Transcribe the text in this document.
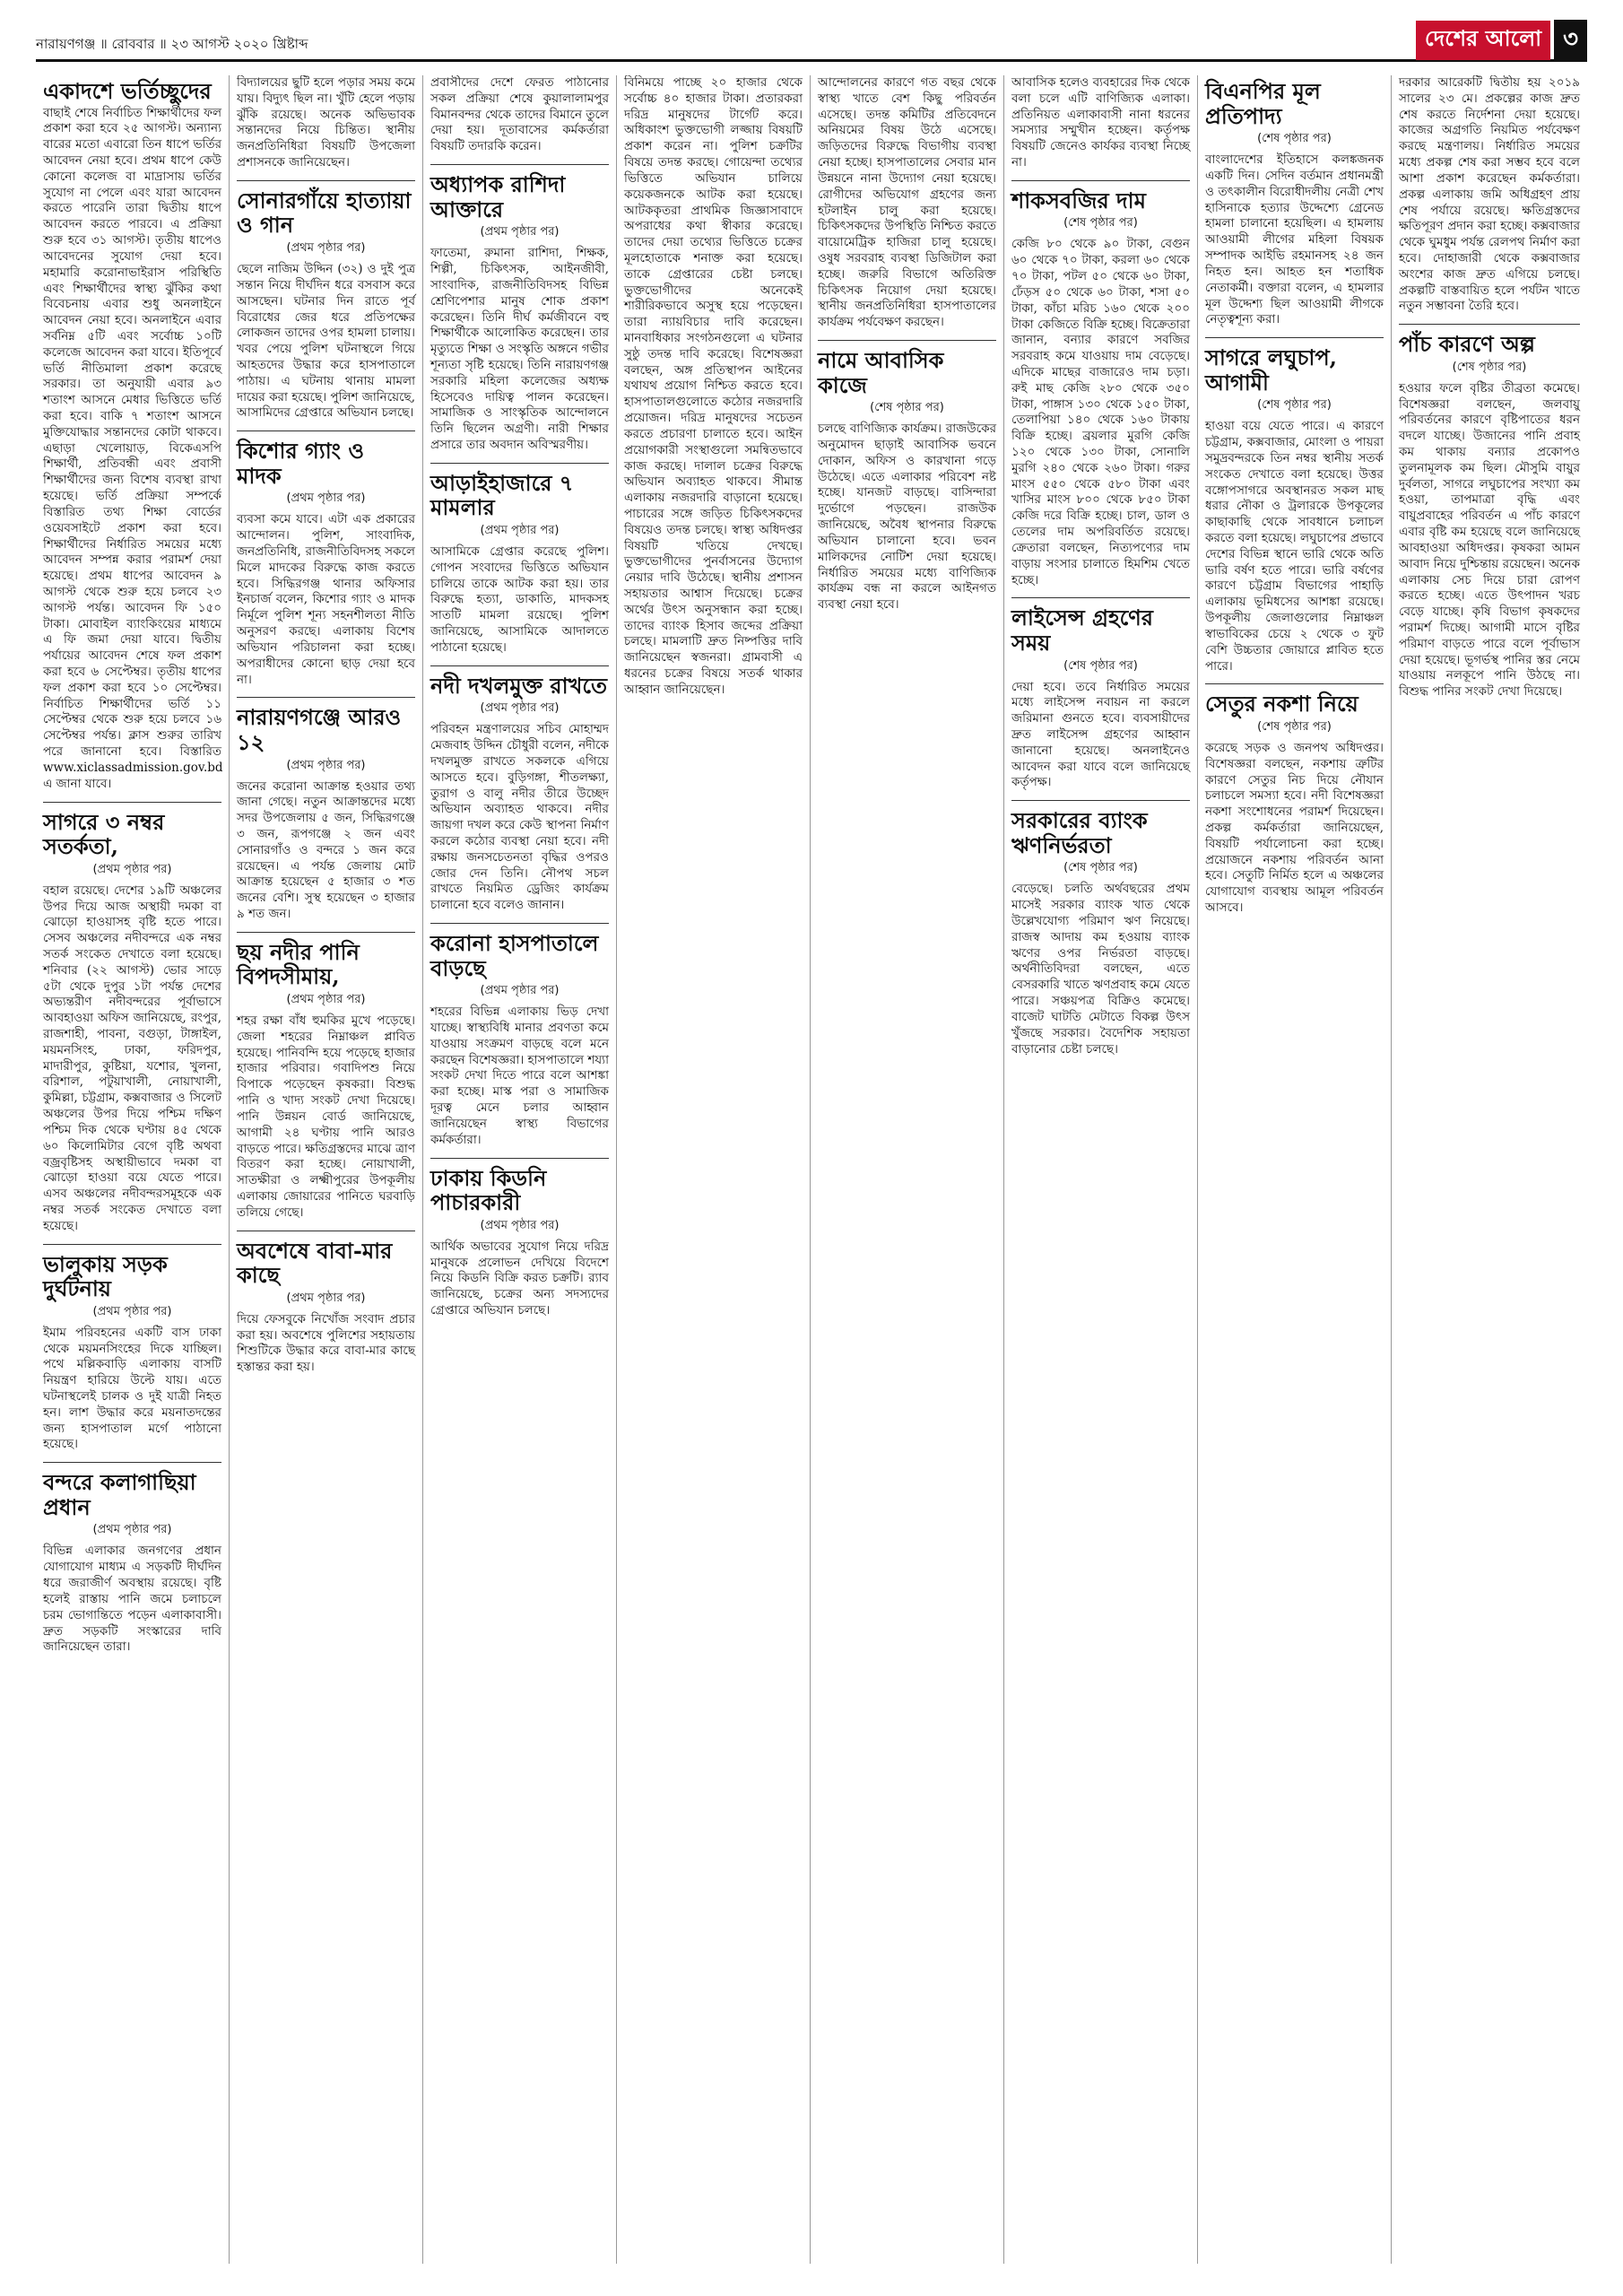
নারায়ণগঞ্জ ॥ রোববার ॥ ২৩ আগস্ট ২০২০ খ্রিষ্টাব্দ	দেশের আলো ৩
একাদশে ভর্তিচ্ছুদের

বাছাই শেষে নির্বাচিত শিক্ষার্থীদের ফল প্রকাশ করা হবে ২৫ আগস্ট। অন্যান্য বারের মতো এবারো তিন ধাপে ভর্তির আবেদন নেয়া হবে। প্রথম ধাপে কেউ কোনো কলেজ বা মাদ্রাসায় ভর্তির সুযোগ না পেলে এবং যারা আবেদন করতে পারেনি তারা দ্বিতীয় ধাপে আবেদন করতে পারবে। এ প্রক্রিয়া শুরু হবে ৩১ আগস্ট। তৃতীয় ধাপেও আবেদনের সুযোগ দেয়া হবে। মহামারি করোনাভাইরাস পরিস্থিতি এবং শিক্ষার্থীদের স্বাস্থ্য ঝুঁকির কথা বিবেচনায় এবার শুধু অনলাইনে আবেদন নেয়া হবে। অনলাইনে এবার সর্বনিম্ন ৫টি এবং সর্বোচ্চ ১০টি কলেজে আবেদন করা যাবে। ইতিপূর্বে ভর্তি নীতিমালা প্রকাশ করেছে সরকার। তা অনুযায়ী এবার ৯৩ শতাংশ আসনে মেধার ভিত্তিতে ভর্তি করা হবে। বাকি ৭ শতাংশ আসনে মুক্তিযোদ্ধার সন্তানদের কোটা থাকবে। এছাড়া খেলোয়াড়, বিকেএসপি শিক্ষার্থী, প্রতিবন্ধী এবং প্রবাসী শিক্ষার্থীদের জন্য বিশেষ ব্যবস্থা রাখা হয়েছে। ভর্তি প্রক্রিয়া সম্পর্কে বিস্তারিত তথ্য শিক্ষা বোর্ডের ওয়েবসাইটে প্রকাশ করা হবে। শিক্ষার্থীদের নির্ধারিত সময়ের মধ্যে আবেদন সম্পন্ন করার পরামর্শ দেয়া হয়েছে। প্রথম ধাপের আবেদন ৯ আগস্ট থেকে শুরু হয়ে চলবে ২৩ আগস্ট পর্যন্ত। আবেদন ফি ১৫০ টাকা। মোবাইল ব্যাংকিংয়ের মাধ্যমে এ ফি জমা দেয়া যাবে। দ্বিতীয় পর্যায়ের আবেদন শেষে ফল প্রকাশ করা হবে ৬ সেপ্টেম্বর। তৃতীয় ধাপের ফল প্রকাশ করা হবে ১০ সেপ্টেম্বর। নির্বাচিত শিক্ষার্থীদের ভর্তি ১১ সেপ্টেম্বর থেকে শুরু হয়ে চলবে ১৬ সেপ্টেম্বর পর্যন্ত। ক্লাস শুরুর তারিখ পরে জানানো হবে। বিস্তারিত www.xiclassadmission.gov.bd এ জানা যাবে।

সাগরে ৩ নম্বর সতর্কতা,
(প্রথম পৃষ্ঠার পর)

বহাল রয়েছে। দেশের ১৯টি অঞ্চলের উপর দিয়ে আজ অস্থায়ী দমকা বা ঝোড়ো হাওয়াসহ বৃষ্টি হতে পারে। সেসব অঞ্চলের নদীবন্দরে এক নম্বর সতর্ক সংকেত দেখাতে বলা হয়েছে। শনিবার (২২ আগস্ট) ভোর সাড়ে ৫টা থেকে দুপুর ১টা পর্যন্ত দেশের অভ্যন্তরীণ নদীবন্দরের পূর্বাভাসে আবহাওয়া অফিস জানিয়েছে, রংপুর, রাজশাহী, পাবনা, বগুড়া, টাঙ্গাইল, ময়মনসিংহ, ঢাকা, ফরিদপুর, মাদারীপুর, কুষ্টিয়া, যশোর, খুলনা, বরিশাল, পটুয়াখালী, নোয়াখালী, কুমিল্লা, চট্টগ্রাম, কক্সবাজার ও সিলেট অঞ্চলের উপর দিয়ে পশ্চিম দক্ষিণ পশ্চিম দিক থেকে ঘণ্টায় ৪৫ থেকে ৬০ কিলোমিটার বেগে বৃষ্টি অথবা বজ্রবৃষ্টিসহ অস্থায়ীভাবে দমকা বা ঝোড়ো হাওয়া বয়ে যেতে পারে। এসব অঞ্চলের নদীবন্দরসমূহকে এক নম্বর সতর্ক সংকেত দেখাতে বলা হয়েছে।

ভালুকায় সড়ক দুর্ঘটনায়
(প্রথম পৃষ্ঠার পর)

ইমাম পরিবহনের একটি বাস ঢাকা থেকে ময়মনসিংহের দিকে যাচ্ছিল। পথে মল্লিকবাড়ি এলাকায় বাসটি নিয়ন্ত্রণ হারিয়ে উল্টে যায়। এতে ঘটনাস্থলেই চালক ও দুই যাত্রী নিহত হন। লাশ উদ্ধার করে ময়নাতদন্তের জন্য হাসপাতাল মর্গে পাঠানো হয়েছে।

বন্দরে কলাগাছিয়া প্রধান
(প্রথম পৃষ্ঠার পর)

বিভিন্ন এলাকার জনগণের প্রধান যোগাযোগ মাধ্যম এ সড়কটি দীর্ঘদিন ধরে জরাজীর্ণ অবস্থায় রয়েছে। বৃষ্টি হলেই রাস্তায় পানি জমে চলাচলে চরম ভোগান্তিতে পড়েন এলাকাবাসী। দ্রুত সড়কটি সংস্কারের দাবি জানিয়েছেন তারা।

বিদ্যালয়ের ছুটি হলে পড়ার সময় কমে যায়। বিদ্যুৎ ছিল না। খুঁটি হেলে পড়ায় ঝুঁকি রয়েছে। অনেক অভিভাবক সন্তানদের নিয়ে চিন্তিত। স্থানীয় জনপ্রতিনিধিরা বিষয়টি উপজেলা প্রশাসনকে জানিয়েছেন।

সোনারগাঁয়ে হাত্যায়া ও গান
(প্রথম পৃষ্ঠার পর)

ছেলে নাজিম উদ্দিন (৩২) ও দুই পুত্র সন্তান নিয়ে দীর্ঘদিন ধরে বসবাস করে আসছেন। ঘটনার দিন রাতে পূর্ব বিরোধের জের ধরে প্রতিপক্ষের লোকজন তাদের ওপর হামলা চালায়। খবর পেয়ে পুলিশ ঘটনাস্থলে গিয়ে আহতদের উদ্ধার করে হাসপাতালে পাঠায়। এ ঘটনায় থানায় মামলা দায়ের করা হয়েছে। পুলিশ জানিয়েছে, আসামিদের গ্রেপ্তারে অভিযান চলছে।

কিশোর গ্যাং ও মাদক
(প্রথম পৃষ্ঠার পর)

ব্যবসা কমে যাবে। এটা এক প্রকারের আন্দোলন। পুলিশ, সাংবাদিক, জনপ্রতিনিধি, রাজনীতিবিদসহ সকলে মিলে মাদকের বিরুদ্ধে কাজ করতে হবে। সিদ্ধিরগঞ্জ থানার অফিসার ইনচার্জ বলেন, কিশোর গ্যাং ও মাদক নির্মূলে পুলিশ শূন্য সহনশীলতা নীতি অনুসরণ করছে। এলাকায় বিশেষ অভিযান পরিচালনা করা হচ্ছে। অপরাধীদের কোনো ছাড় দেয়া হবে না।

নারায়ণগঞ্জে আরও ১২
(প্রথম পৃষ্ঠার পর)

জনের করোনা আক্রান্ত হওয়ার তথ্য জানা গেছে। নতুন আক্রান্তদের মধ্যে সদর উপজেলায় ৫ জন, সিদ্ধিরগঞ্জে ৩ জন, রূপগঞ্জে ২ জন এবং সোনারগাঁও ও বন্দরে ১ জন করে রয়েছেন। এ পর্যন্ত জেলায় মোট আক্রান্ত হয়েছেন ৫ হাজার ৩ শত জনের বেশি। সুস্থ হয়েছেন ৩ হাজার ৯ শত জন।

ছয় নদীর পানি বিপদসীমায়,
(প্রথম পৃষ্ঠার পর)

শহর রক্ষা বাঁধ হুমকির মুখে পড়েছে। জেলা শহরের নিম্নাঞ্চল প্লাবিত হয়েছে। পানিবন্দি হয়ে পড়েছে হাজার হাজার পরিবার। গবাদিপশু নিয়ে বিপাকে পড়েছেন কৃষকরা। বিশুদ্ধ পানি ও খাদ্য সংকট দেখা দিয়েছে। পানি উন্নয়ন বোর্ড জানিয়েছে, আগামী ২৪ ঘণ্টায় পানি আরও বাড়তে পারে। ক্ষতিগ্রস্তদের মাঝে ত্রাণ বিতরণ করা হচ্ছে। নোয়াখালী, সাতক্ষীরা ও লক্ষ্মীপুরের উপকূলীয় এলাকায় জোয়ারের পানিতে ঘরবাড়ি তলিয়ে গেছে।

অবশেষে বাবা-মার কাছে
(প্রথম পৃষ্ঠার পর)

দিয়ে ফেসবুকে নিখোঁজ সংবাদ প্রচার করা হয়। অবশেষে পুলিশের সহায়তায় শিশুটিকে উদ্ধার করে বাবা-মার কাছে হস্তান্তর করা হয়।

প্রবাসীদের দেশে ফেরত পাঠানোর সকল প্রক্রিয়া শেষে কুয়ালালামপুর বিমানবন্দর থেকে তাদের বিমানে তুলে দেয়া হয়। দূতাবাসের কর্মকর্তারা বিষয়টি তদারকি করেন।

অধ্যাপক রাশিদা আক্তারে
(প্রথম পৃষ্ঠার পর)

ফাতেমা, রুমানা রাশিদা, শিক্ষক, শিল্পী, চিকিৎসক, আইনজীবী, সাংবাদিক, রাজনীতিবিদসহ বিভিন্ন শ্রেণিপেশার মানুষ শোক প্রকাশ করেছেন। তিনি দীর্ঘ কর্মজীবনে বহু শিক্ষার্থীকে আলোকিত করেছেন। তার মৃত্যুতে শিক্ষা ও সংস্কৃতি অঙ্গনে গভীর শূন্যতা সৃষ্টি হয়েছে। তিনি নারায়ণগঞ্জ সরকারি মহিলা কলেজের অধ্যক্ষ হিসেবেও দায়িত্ব পালন করেছেন। সামাজিক ও সাংস্কৃতিক আন্দোলনে তিনি ছিলেন অগ্রণী। নারী শিক্ষার প্রসারে তার অবদান অবিস্মরণীয়।

আড়াইহাজারে ৭ মামলার
(প্রথম পৃষ্ঠার পর)

আসামিকে গ্রেপ্তার করেছে পুলিশ। গোপন সংবাদের ভিত্তিতে অভিযান চালিয়ে তাকে আটক করা হয়। তার বিরুদ্ধে হত্যা, ডাকাতি, মাদকসহ সাতটি মামলা রয়েছে। পুলিশ জানিয়েছে, আসামিকে আদালতে পাঠানো হয়েছে।

নদী দখলমুক্ত রাখতে
(প্রথম পৃষ্ঠার পর)

পরিবহন মন্ত্রণালয়ের সচিব মোহাম্মদ মেজবাহ উদ্দিন চৌধুরী বলেন, নদীকে দখলমুক্ত রাখতে সকলকে এগিয়ে আসতে হবে। বুড়িগঙ্গা, শীতলক্ষ্যা, তুরাগ ও বালু নদীর তীরে উচ্ছেদ অভিযান অব্যাহত থাকবে। নদীর জায়গা দখল করে কেউ স্থাপনা নির্মাণ করলে কঠোর ব্যবস্থা নেয়া হবে। নদী রক্ষায় জনসচেতনতা বৃদ্ধির ওপরও জোর দেন তিনি। নৌপথ সচল রাখতে নিয়মিত ড্রেজিং কার্যক্রম চালানো হবে বলেও জানান।

করোনা হাসপাতালে বাড়ছে
(প্রথম পৃষ্ঠার পর)

শহরের বিভিন্ন এলাকায় ভিড় দেখা যাচ্ছে। স্বাস্থ্যবিধি মানার প্রবণতা কমে যাওয়ায় সংক্রমণ বাড়ছে বলে মনে করছেন বিশেষজ্ঞরা। হাসপাতালে শয্যা সংকট দেখা দিতে পারে বলে আশঙ্কা করা হচ্ছে। মাস্ক পরা ও সামাজিক দূরত্ব মেনে চলার আহ্বান জানিয়েছেন স্বাস্থ্য বিভাগের কর্মকর্তারা।

ঢাকায় কিডনি পাচারকারী
(প্রথম পৃষ্ঠার পর)

আর্থিক অভাবের সুযোগ নিয়ে দরিদ্র মানুষকে প্রলোভন দেখিয়ে বিদেশে নিয়ে কিডনি বিক্রি করত চক্রটি। র‍্যাব জানিয়েছে, চক্রের অন্য সদস্যদের গ্রেপ্তারে অভিযান চলছে।

বিনিময়ে পাচ্ছে ২০ হাজার থেকে সর্বোচ্চ ৪০ হাজার টাকা। প্রতারকরা দরিদ্র মানুষদের টার্গেট করে। অধিকাংশ ভুক্তভোগী লজ্জায় বিষয়টি প্রকাশ করেন না। পুলিশ চক্রটির বিষয়ে তদন্ত করছে। গোয়েন্দা তথ্যের ভিত্তিতে অভিযান চালিয়ে কয়েকজনকে আটক করা হয়েছে। আটককৃতরা প্রাথমিক জিজ্ঞাসাবাদে অপরাধের কথা স্বীকার করেছে। তাদের দেয়া তথ্যের ভিত্তিতে চক্রের মূলহোতাকে শনাক্ত করা হয়েছে। তাকে গ্রেপ্তারের চেষ্টা চলছে। ভুক্তভোগীদের অনেকেই শারীরিকভাবে অসুস্থ হয়ে পড়েছেন। তারা ন্যায়বিচার দাবি করেছেন। মানবাধিকার সংগঠনগুলো এ ঘটনার সুষ্ঠু তদন্ত দাবি করেছে। বিশেষজ্ঞরা বলছেন, অঙ্গ প্রতিস্থাপন আইনের যথাযথ প্রয়োগ নিশ্চিত করতে হবে। হাসপাতালগুলোতে কঠোর নজরদারি প্রয়োজন। দরিদ্র মানুষদের সচেতন করতে প্রচারণা চালাতে হবে। আইন প্রয়োগকারী সংস্থাগুলো সমন্বিতভাবে কাজ করছে। দালাল চক্রের বিরুদ্ধে অভিযান অব্যাহত থাকবে। সীমান্ত এলাকায় নজরদারি বাড়ানো হয়েছে। পাচারের সঙ্গে জড়িত চিকিৎসকদের বিষয়েও তদন্ত চলছে। স্বাস্থ্য অধিদপ্তর বিষয়টি খতিয়ে দেখছে। ভুক্তভোগীদের পুনর্বাসনের উদ্যোগ নেয়ার দাবি উঠেছে। স্থানীয় প্রশাসন সহায়তার আশ্বাস দিয়েছে। চক্রের অর্থের উৎস অনুসন্ধান করা হচ্ছে। তাদের ব্যাংক হিসাব জব্দের প্রক্রিয়া চলছে। মামলাটি দ্রুত নিষ্পত্তির দাবি জানিয়েছেন স্বজনরা। গ্রামবাসী এ ধরনের চক্রের বিষয়ে সতর্ক থাকার আহ্বান জানিয়েছেন।

আন্দোলনের কারণে গত বছর থেকে স্বাস্থ্য খাতে বেশ কিছু পরিবর্তন এসেছে। তদন্ত কমিটির প্রতিবেদনে অনিয়মের বিষয় উঠে এসেছে। জড়িতদের বিরুদ্ধে বিভাগীয় ব্যবস্থা নেয়া হচ্ছে। হাসপাতালের সেবার মান উন্নয়নে নানা উদ্যোগ নেয়া হয়েছে। রোগীদের অভিযোগ গ্রহণের জন্য হটলাইন চালু করা হয়েছে। চিকিৎসকদের উপস্থিতি নিশ্চিত করতে বায়োমেট্রিক হাজিরা চালু হয়েছে। ওষুধ সরবরাহ ব্যবস্থা ডিজিটাল করা হচ্ছে। জরুরি বিভাগে অতিরিক্ত চিকিৎসক নিয়োগ দেয়া হয়েছে। স্থানীয় জনপ্রতিনিধিরা হাসপাতালের কার্যক্রম পর্যবেক্ষণ করছেন।

নামে আবাসিক কাজে
(শেষ পৃষ্ঠার পর)

চলছে বাণিজ্যিক কার্যক্রম। রাজউকের অনুমোদন ছাড়াই আবাসিক ভবনে দোকান, অফিস ও কারখানা গড়ে উঠেছে। এতে এলাকার পরিবেশ নষ্ট হচ্ছে। যানজট বাড়ছে। বাসিন্দারা দুর্ভোগে পড়ছেন। রাজউক জানিয়েছে, অবৈধ স্থাপনার বিরুদ্ধে অভিযান চালানো হবে। ভবন মালিকদের নোটিশ দেয়া হয়েছে। নির্ধারিত সময়ের মধ্যে বাণিজ্যিক কার্যক্রম বন্ধ না করলে আইনগত ব্যবস্থা নেয়া হবে।

আবাসিক হলেও ব্যবহারের দিক থেকে বলা চলে এটি বাণিজ্যিক এলাকা। প্রতিনিয়ত এলাকাবাসী নানা ধরনের সমস্যার সম্মুখীন হচ্ছেন। কর্তৃপক্ষ বিষয়টি জেনেও কার্যকর ব্যবস্থা নিচ্ছে না।

শাকসবজির দাম
(শেষ পৃষ্ঠার পর)

কেজি ৮০ থেকে ৯০ টাকা, বেগুন ৬০ থেকে ৭০ টাকা, করলা ৬০ থেকে ৭০ টাকা, পটল ৫০ থেকে ৬০ টাকা, ঢেঁড়স ৫০ থেকে ৬০ টাকা, শসা ৫০ টাকা, কাঁচা মরিচ ১৬০ থেকে ২০০ টাকা কেজিতে বিক্রি হচ্ছে। বিক্রেতারা জানান, বন্যার কারণে সবজির সরবরাহ কমে যাওয়ায় দাম বেড়েছে। এদিকে মাছের বাজারেও দাম চড়া। রুই মাছ কেজি ২৮০ থেকে ৩৫০ টাকা, পাঙ্গাস ১৩০ থেকে ১৫০ টাকা, তেলাপিয়া ১৪০ থেকে ১৬০ টাকায় বিক্রি হচ্ছে। ব্রয়লার মুরগি কেজি ১২০ থেকে ১৩০ টাকা, সোনালি মুরগি ২৪০ থেকে ২৬০ টাকা। গরুর মাংস ৫৫০ থেকে ৫৮০ টাকা এবং খাসির মাংস ৮০০ থেকে ৮৫০ টাকা কেজি দরে বিক্রি হচ্ছে। চাল, ডাল ও তেলের দাম অপরিবর্তিত রয়েছে। ক্রেতারা বলছেন, নিত্যপণ্যের দাম বাড়ায় সংসার চালাতে হিমশিম খেতে হচ্ছে।

লাইসেন্স গ্রহণের সময়
(শেষ পৃষ্ঠার পর)

দেয়া হবে। তবে নির্ধারিত সময়ের মধ্যে লাইসেন্স নবায়ন না করলে জরিমানা গুনতে হবে। ব্যবসায়ীদের দ্রুত লাইসেন্স গ্রহণের আহ্বান জানানো হয়েছে। অনলাইনেও আবেদন করা যাবে বলে জানিয়েছে কর্তৃপক্ষ।

সরকারের ব্যাংক ঋণনির্ভরতা
(শেষ পৃষ্ঠার পর)

বেড়েছে। চলতি অর্থবছরের প্রথম মাসেই সরকার ব্যাংক খাত থেকে উল্লেখযোগ্য পরিমাণ ঋণ নিয়েছে। রাজস্ব আদায় কম হওয়ায় ব্যাংক ঋণের ওপর নির্ভরতা বাড়ছে। অর্থনীতিবিদরা বলছেন, এতে বেসরকারি খাতে ঋণপ্রবাহ কমে যেতে পারে। সঞ্চয়পত্র বিক্রিও কমেছে। বাজেট ঘাটতি মেটাতে বিকল্প উৎস খুঁজছে সরকার। বৈদেশিক সহায়তা বাড়ানোর চেষ্টা চলছে।

বিএনপির মূল প্রতিপাদ্য
(শেষ পৃষ্ঠার পর)

বাংলাদেশের ইতিহাসে কলঙ্কজনক একটি দিন। সেদিন বর্তমান প্রধানমন্ত্রী ও তৎকালীন বিরোধীদলীয় নেত্রী শেখ হাসিনাকে হত্যার উদ্দেশ্যে গ্রেনেড হামলা চালানো হয়েছিল। এ হামলায় আওয়ামী লীগের মহিলা বিষয়ক সম্পাদক আইভি রহমানসহ ২৪ জন নিহত হন। আহত হন শতাধিক নেতাকর্মী। বক্তারা বলেন, এ হামলার মূল উদ্দেশ্য ছিল আওয়ামী লীগকে নেতৃত্বশূন্য করা।

সাগরে লঘুচাপ, আগামী
(শেষ পৃষ্ঠার পর)

হাওয়া বয়ে যেতে পারে। এ কারণে চট্টগ্রাম, কক্সবাজার, মোংলা ও পায়রা সমুদ্রবন্দরকে তিন নম্বর স্থানীয় সতর্ক সংকেত দেখাতে বলা হয়েছে। উত্তর বঙ্গোপসাগরে অবস্থানরত সকল মাছ ধরার নৌকা ও ট্রলারকে উপকূলের কাছাকাছি থেকে সাবধানে চলাচল করতে বলা হয়েছে। লঘুচাপের প্রভাবে দেশের বিভিন্ন স্থানে ভারি থেকে অতি ভারি বর্ষণ হতে পারে। ভারি বর্ষণের কারণে চট্টগ্রাম বিভাগের পাহাড়ি এলাকায় ভূমিধসের আশঙ্কা রয়েছে। উপকূলীয় জেলাগুলোর নিম্নাঞ্চল স্বাভাবিকের চেয়ে ২ থেকে ৩ ফুট বেশি উচ্চতার জোয়ারে প্লাবিত হতে পারে।

সেতুর নকশা নিয়ে
(শেষ পৃষ্ঠার পর)

করেছে সড়ক ও জনপথ অধিদপ্তর। বিশেষজ্ঞরা বলছেন, নকশায় ত্রুটির কারণে সেতুর নিচ দিয়ে নৌযান চলাচলে সমস্যা হবে। নদী বিশেষজ্ঞরা নকশা সংশোধনের পরামর্শ দিয়েছেন। প্রকল্প কর্মকর্তারা জানিয়েছেন, বিষয়টি পর্যালোচনা করা হচ্ছে। প্রয়োজনে নকশায় পরিবর্তন আনা হবে। সেতুটি নির্মিত হলে এ অঞ্চলের যোগাযোগ ব্যবস্থায় আমূল পরিবর্তন আসবে।

দরকার আরেকটি দ্বিতীয় হয় ২০১৯ সালের ২৩ মে। প্রকল্পের কাজ দ্রুত শেষ করতে নির্দেশনা দেয়া হয়েছে। কাজের অগ্রগতি নিয়মিত পর্যবেক্ষণ করছে মন্ত্রণালয়। নির্ধারিত সময়ের মধ্যে প্রকল্প শেষ করা সম্ভব হবে বলে আশা প্রকাশ করেছেন কর্মকর্তারা। প্রকল্প এলাকায় জমি অধিগ্রহণ প্রায় শেষ পর্যায়ে রয়েছে। ক্ষতিগ্রস্তদের ক্ষতিপূরণ প্রদান করা হচ্ছে। কক্সবাজার থেকে ঘুমধুম পর্যন্ত রেলপথ নির্মাণ করা হবে। দোহাজারী থেকে কক্সবাজার অংশের কাজ দ্রুত এগিয়ে চলছে। প্রকল্পটি বাস্তবায়িত হলে পর্যটন খাতে নতুন সম্ভাবনা তৈরি হবে।

পাঁচ কারণে অল্প
(শেষ পৃষ্ঠার পর)

হওয়ার ফলে বৃষ্টির তীব্রতা কমেছে। বিশেষজ্ঞরা বলছেন, জলবায়ু পরিবর্তনের কারণে বৃষ্টিপাতের ধরন বদলে যাচ্ছে। উজানের পানি প্রবাহ কম থাকায় বন্যার প্রকোপও তুলনামূলক কম ছিল। মৌসুমি বায়ুর দুর্বলতা, সাগরে লঘুচাপের সংখ্যা কম হওয়া, তাপমাত্রা বৃদ্ধি এবং বায়ুপ্রবাহের পরিবর্তন এ পাঁচ কারণে এবার বৃষ্টি কম হয়েছে বলে জানিয়েছে আবহাওয়া অধিদপ্তর। কৃষকরা আমন আবাদ নিয়ে দুশ্চিন্তায় রয়েছেন। অনেক এলাকায় সেচ দিয়ে চারা রোপণ করতে হচ্ছে। এতে উৎপাদন খরচ বেড়ে যাচ্ছে। কৃষি বিভাগ কৃষকদের পরামর্শ দিচ্ছে। আগামী মাসে বৃষ্টির পরিমাণ বাড়তে পারে বলে পূর্বাভাস দেয়া হয়েছে। ভূগর্ভস্থ পানির স্তর নেমে যাওয়ায় নলকূপে পানি উঠছে না। বিশুদ্ধ পানির সংকট দেখা দিয়েছে।
